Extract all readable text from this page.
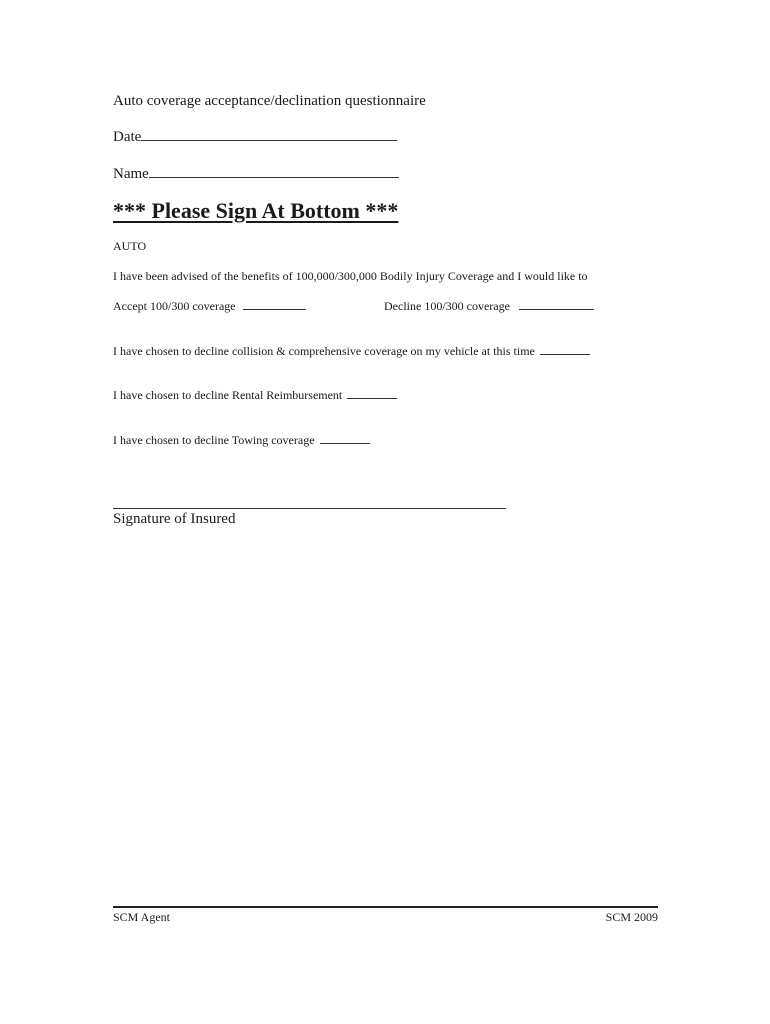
Auto coverage acceptance/declination questionnaire
Date
Name
*** Please Sign At Bottom ***
AUTO
I have been advised of the benefits of 100,000/300,000 Bodily Injury Coverage and I would like to
Accept 100/300 coverage	Decline 100/300 coverage
I have chosen to decline collision & comprehensive coverage on my vehicle at this time
I have chosen to decline Rental Reimbursement
I have chosen to decline Towing coverage
Signature of Insured
SCM Agent	SCM 2009
